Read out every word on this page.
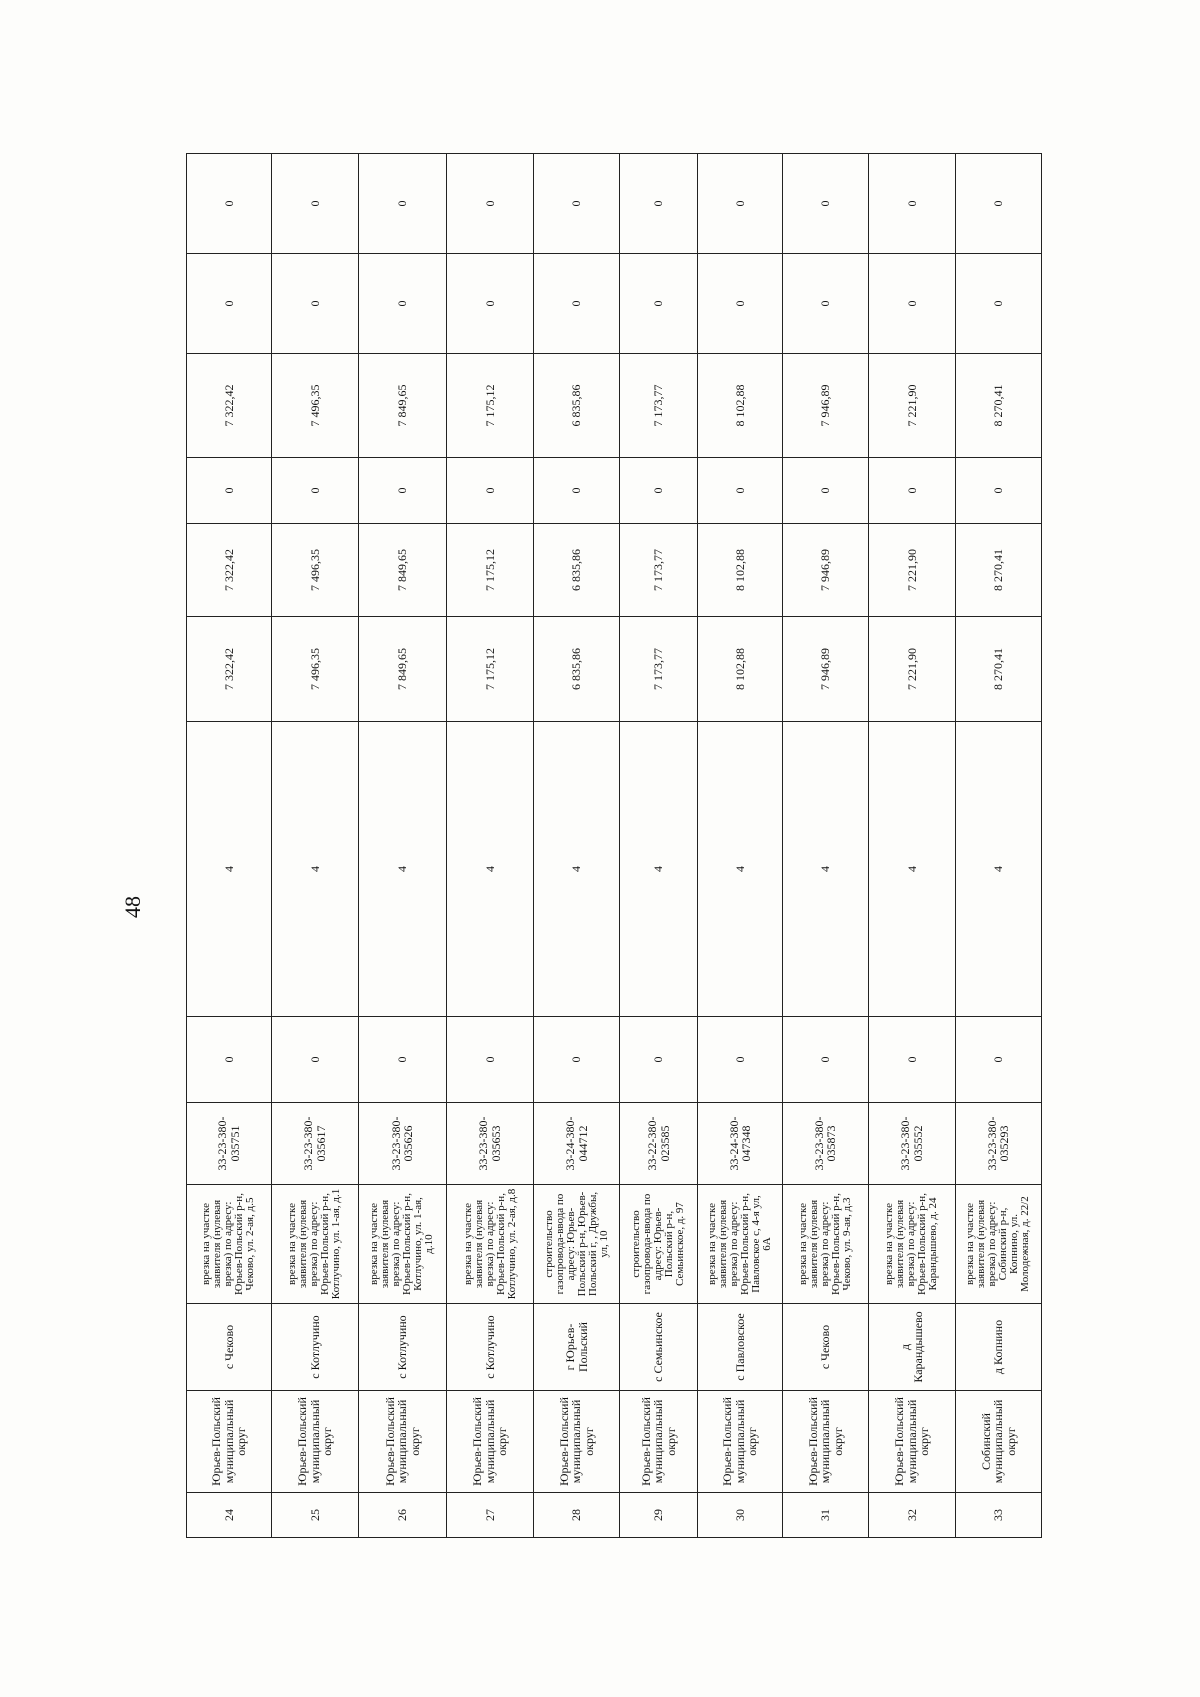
48
24	Юрьев-Польский муниципальный округ	с Чеково	врезка на участке заявителя (нулевая врезка) по адресу: Юрьев-Польский р-н, Чеково, ул. 2-ая, д.5	33-23-380-035751	0	4	7 322,42	7 322,42	0	7 322,42	0	0
25	Юрьев-Польский муниципальный округ	с Котлучино	врезка на участке заявителя (нулевая врезка) по адресу: Юрьев-Польский р-н, Котлучино, ул. 1-ая, д.1	33-23-380-035617	0	4	7 496,35	7 496,35	0	7 496,35	0	0
26	Юрьев-Польский муниципальный округ	с Котлучино	врезка на участке заявителя (нулевая врезка) по адресу: Юрьев-Польский р-н, Котлучино, ул. 1-ая, д.10	33-23-380-035626	0	4	7 849,65	7 849,65	0	7 849,65	0	0
27	Юрьев-Польский муниципальный округ	с Котлучино	врезка на участке заявителя (нулевая врезка) по адресу: Юрьев-Польский р-н, Котлучино, ул. 2-ая, д.8	33-23-380-035653	0	4	7 175,12	7 175,12	0	7 175,12	0	0
28	Юрьев-Польский муниципальный округ	г Юрьев-Польский	строительство газопровода-ввода по адресу: Юрьев-Польский р-н, Юрьев-Польский г, , Дружбы, ул, 10	33-24-380-044712	0	4	6 835,86	6 835,86	0	6 835,86	0	0
29	Юрьев-Польский муниципальный округ	с Семьинское	строительство газопровода-ввода по адресу: Юрьев-Польский р-н, Семьинское, д. 97	33-22-380-023585	0	4	7 173,77	7 173,77	0	7 173,77	0	0
30	Юрьев-Польский муниципальный округ	с Павловское	врезка на участке заявителя (нулевая врезка) по адресу: Юрьев-Польский р-н, Павловское с, 4-я ул, 6А	33-24-380-047348	0	4	8 102,88	8 102,88	0	8 102,88	0	0
31	Юрьев-Польский муниципальный округ	с Чеково	врезка на участке заявителя (нулевая врезка) по адресу: Юрьев-Польский р-н, Чеково, ул. 9-ая, д.3	33-23-380-035873	0	4	7 946,89	7 946,89	0	7 946,89	0	0
32	Юрьев-Польский муниципальный округ	д Карандышево	врезка на участке заявителя (нулевая врезка) по адресу: Юрьев-Польский р-н, Карандышево, д. 24	33-23-380-035552	0	4	7 221,90	7 221,90	0	7 221,90	0	0
33	Собинский муниципальный округ	д Копнино	врезка на участке заявителя (нулевая врезка) по адресу: Собинский р-н, Копнино, ул. Молодежная, д. 22/2	33-23-380-035293	0	4	8 270,41	8 270,41	0	8 270,41	0	0
